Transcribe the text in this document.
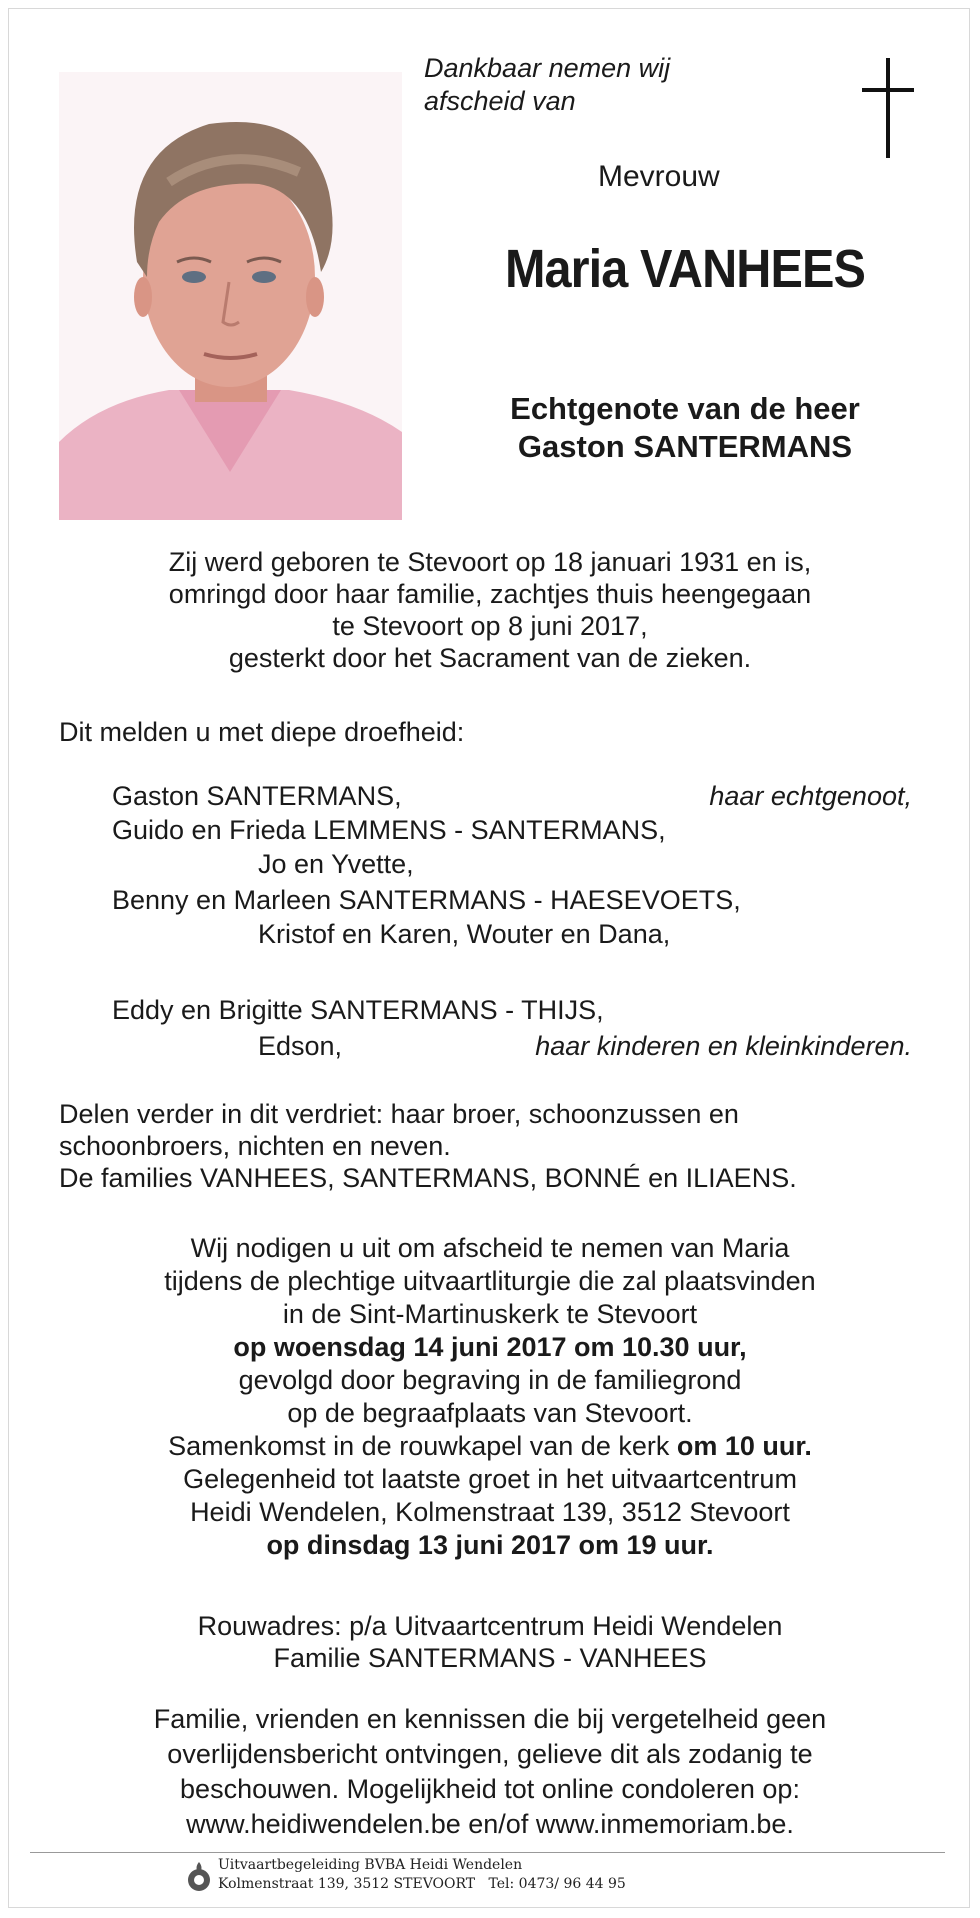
Dankbaar nemen wij
afscheid van
Mevrouw
Maria VANHEES
Echtgenote van de heer
Gaston SANTERMANS
Zij werd geboren te Stevoort op 18 januari 1931 en is,
omringd door haar familie, zachtjes thuis heengegaan
te Stevoort op 8 juni 2017,
gesterkt door het Sacrament van de zieken.
Dit melden u met diepe droefheid:
Gaston SANTERMANS,	haar echtgenoot,
Guido en Frieda LEMMENS - SANTERMANS,
Jo en Yvette,
Benny en Marleen SANTERMANS - HAESEVOETS,
Kristof en Karen, Wouter en Dana,
Eddy en Brigitte SANTERMANS - THIJS,
Edson,	haar kinderen en kleinkinderen.
Delen verder in dit verdriet: haar broer, schoonzussen en
schoonbroers, nichten en neven.
De families VANHEES, SANTERMANS, BONNÉ en ILIAENS.
Wij nodigen u uit om afscheid te nemen van Maria
tijdens de plechtige uitvaartliturgie die zal plaatsvinden
in de Sint-Martinuskerk te Stevoort
op woensdag 14 juni 2017 om 10.30 uur,
gevolgd door begraving in de familiegrond
op de begraafplaats van Stevoort.
Samenkomst in de rouwkapel van de kerk om 10 uur.
Gelegenheid tot laatste groet in het uitvaartcentrum
Heidi Wendelen, Kolmenstraat 139, 3512 Stevoort
op dinsdag 13 juni 2017 om 19 uur.
Rouwadres: p/a Uitvaartcentrum Heidi Wendelen
Familie SANTERMANS - VANHEES
Familie, vrienden en kennissen die bij vergetelheid geen
overlijdensbericht ontvingen, gelieve dit als zodanig te
beschouwen. Mogelijkheid tot online condoleren op:
www.heidiwendelen.be en/of www.inmemoriam.be.
Uitvaartbegeleiding BVBA Heidi Wendelen
Kolmenstraat 139, 3512 STEVOORT   Tel: 0473/ 96 44 95
